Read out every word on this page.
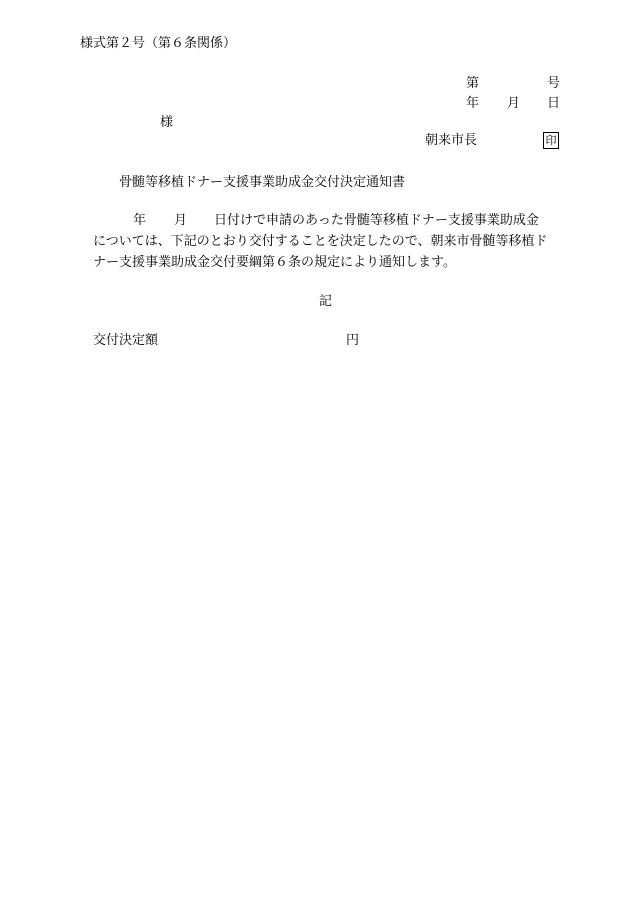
様式第２号（第６条関係）
第	号
年 月 日
様
朝来市長	印
骨髄等移植ドナー支援事業助成金交付決定通知書
年 月 日付けで申請のあった骨髄等移植ドナー支援事業助成金
については、下記のとおり交付することを決定したので、朝来市骨髄等移植ド
ナー支援事業助成金交付要綱第６条の規定により通知します。
記
交付決定額	円
